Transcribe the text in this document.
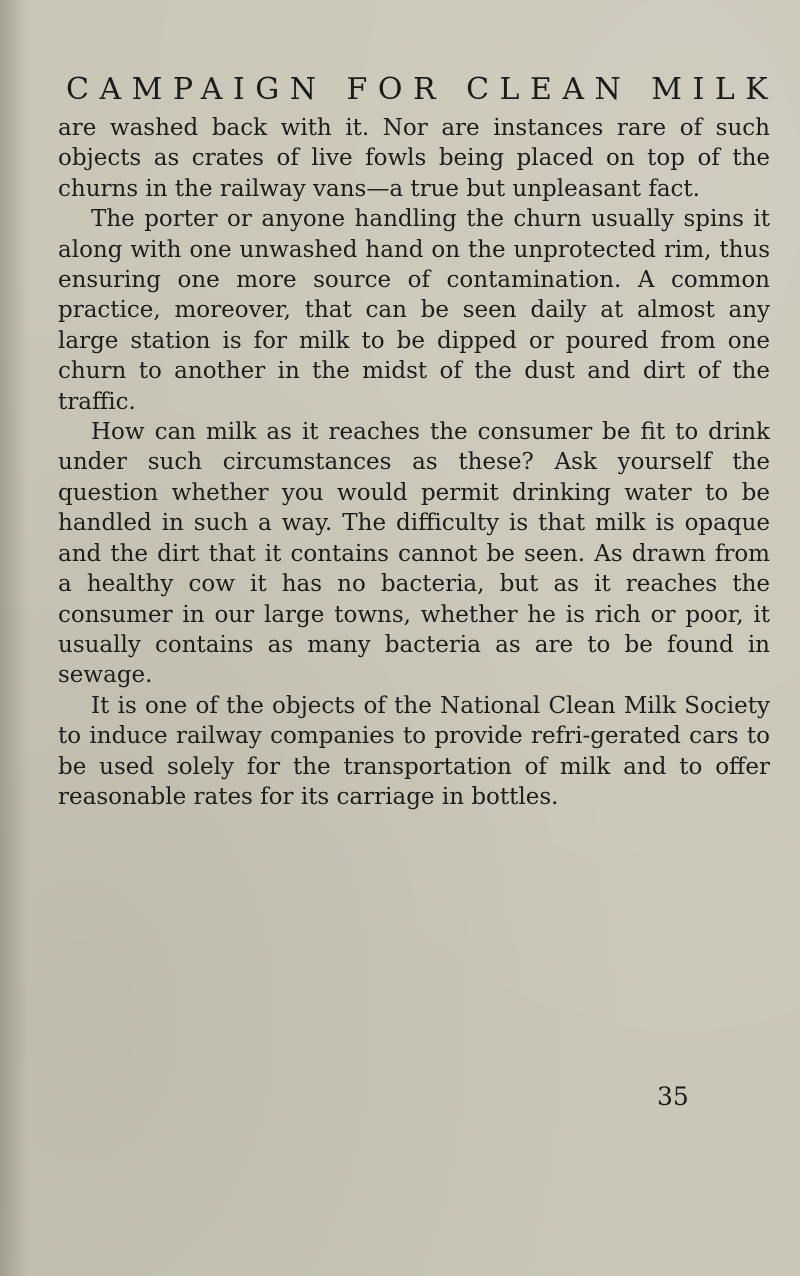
CAMPAIGN FOR CLEAN MILK

are washed back with it. Nor are instances rare of such objects as crates of live fowls being placed on top of the churns in the railway vans—a true but unpleasant fact.

The porter or anyone handling the churn usually spins it along with one unwashed hand on the unprotected rim, thus ensuring one more source of contamination. A common practice, moreover, that can be seen daily at almost any large station is for milk to be dipped or poured from one churn to another in the midst of the dust and dirt of the traffic.

How can milk as it reaches the consumer be fit to drink under such circumstances as these? Ask yourself the question whether you would permit drinking water to be handled in such a way. The difficulty is that milk is opaque and the dirt that it contains cannot be seen. As drawn from a healthy cow it has no bacteria, but as it reaches the consumer in our large towns, whether he is rich or poor, it usually contains as many bacteria as are to be found in sewage.

It is one of the objects of the National Clean Milk Society to induce railway companies to provide refri-gerated cars to be used solely for the transportation of milk and to offer reasonable rates for its carriage in bottles.

35
